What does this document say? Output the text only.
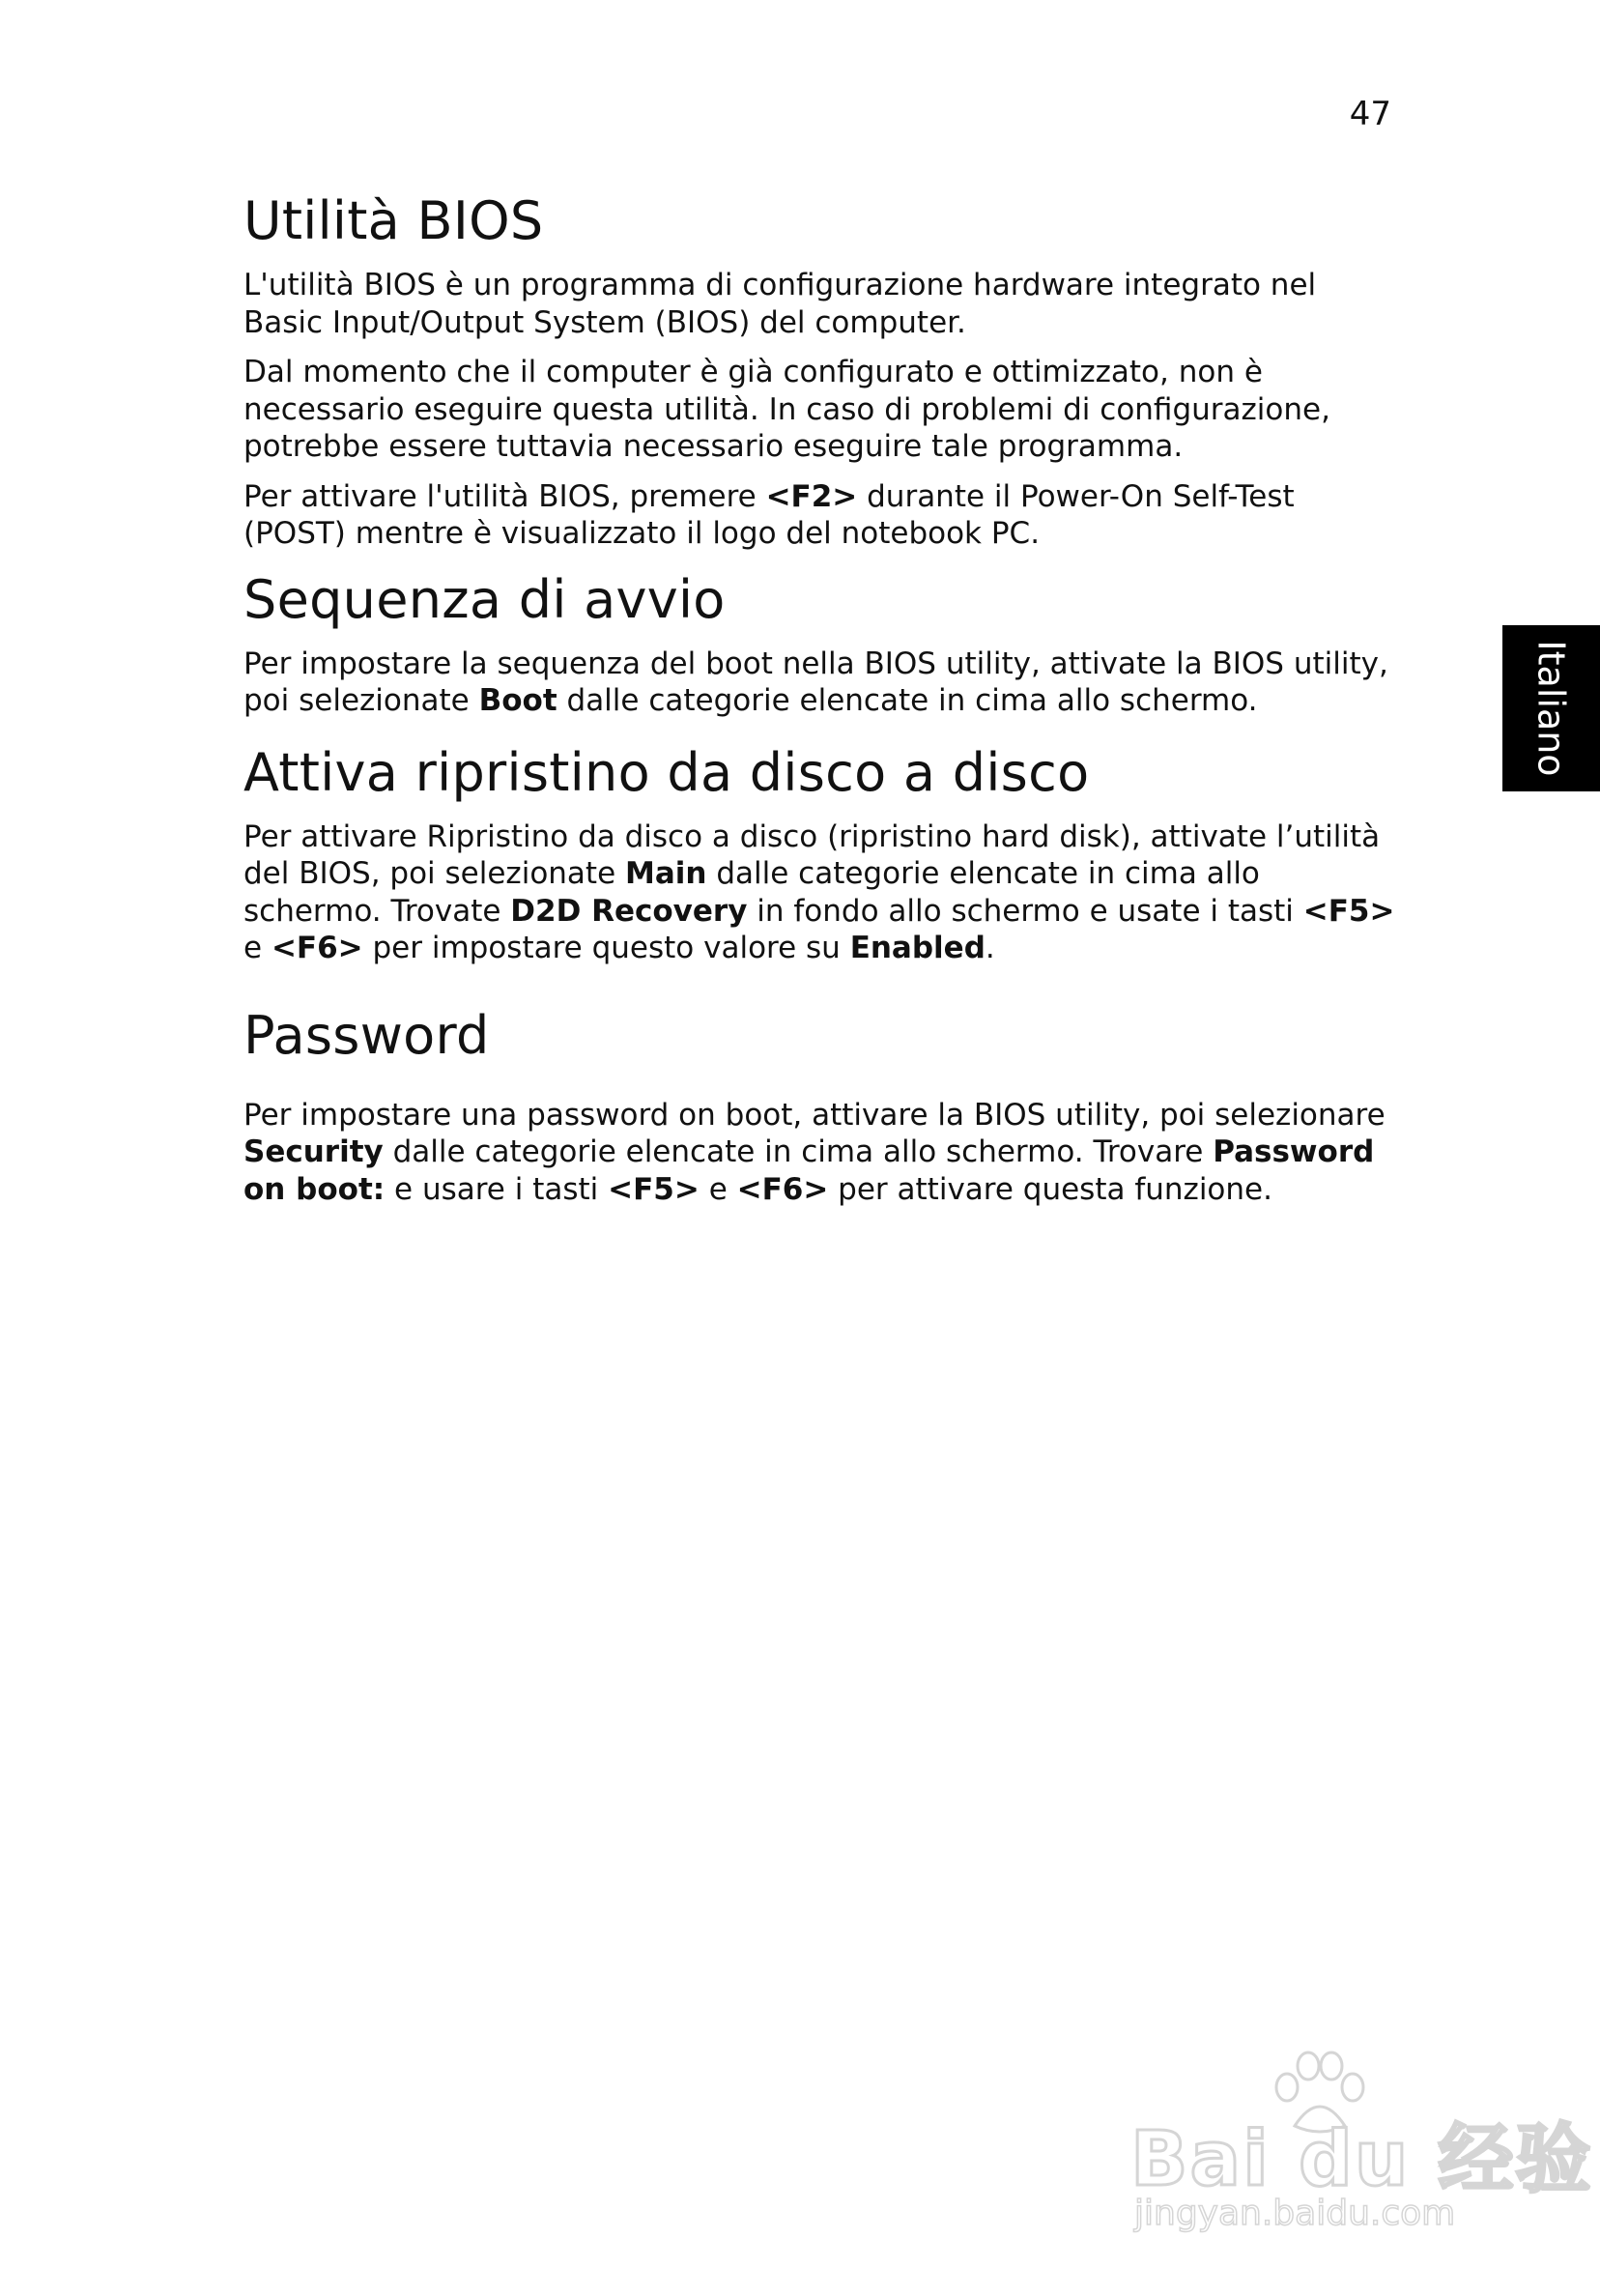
47
Utilità BIOS

L'utilità BIOS è un programma di configurazione hardware integrato nel Basic Input/Output System (BIOS) del computer.

Dal momento che il computer è già configurato e ottimizzato, non è necessario eseguire questa utilità. In caso di problemi di configurazione, potrebbe essere tuttavia necessario eseguire tale programma.

Per attivare l'utilità BIOS, premere <F2> durante il Power-On Self-Test (POST) mentre è visualizzato il logo del notebook PC.

Sequenza di avvio

Per impostare la sequenza del boot nella BIOS utility, attivate la BIOS utility, poi selezionate Boot dalle categorie elencate in cima allo schermo.

Attiva ripristino da disco a disco

Per attivare Ripristino da disco a disco (ripristino hard disk), attivate l’utilità del BIOS, poi selezionate Main dalle categorie elencate in cima allo schermo. Trovate D2D Recovery in fondo allo schermo e usate i tasti <F5> e <F6> per impostare questo valore su Enabled.

Password

Per impostare una password on boot, attivare la BIOS utility, poi selezionare Security dalle categorie elencate in cima allo schermo. Trovare Password on boot: e usare i tasti <F5> e <F6> per attivare questa funzione.

Italiano
Bai du 经验
jingyan.baidu.com
